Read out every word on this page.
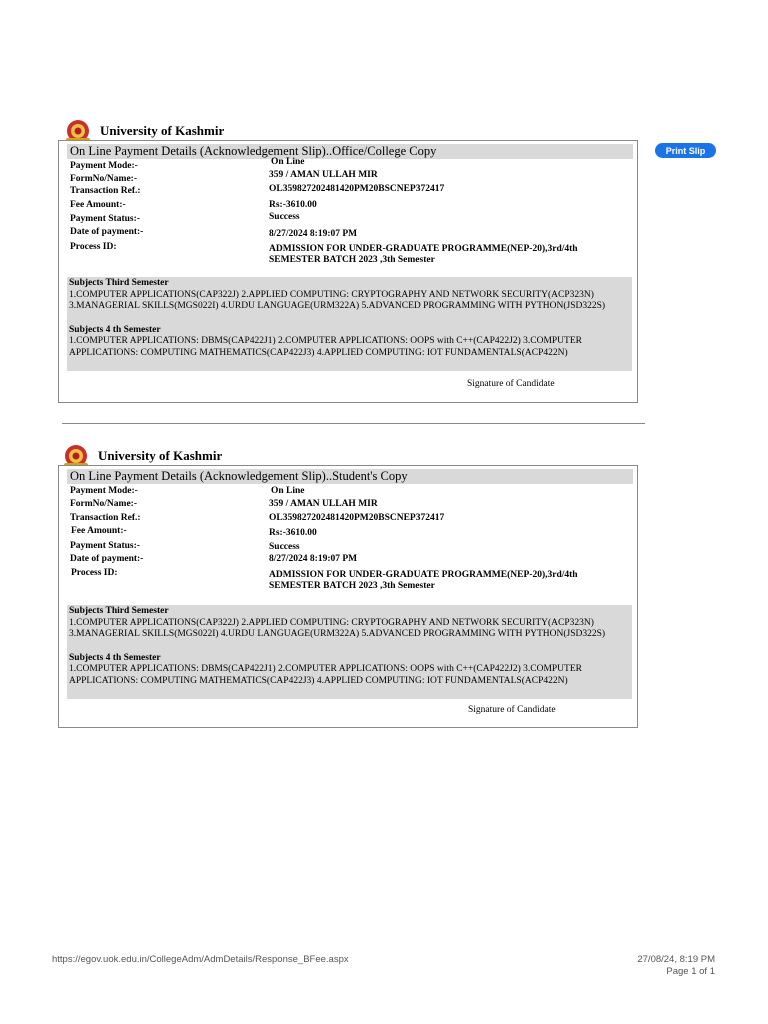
Print Slip
University of Kashmir
On Line Payment Details (Acknowledgement Slip)..Office/College Copy
Payment Mode:-	On Line
FormNo/Name:-	359 / AMAN ULLAH MIR
Transaction Ref.:	OL359827202481420PM20BSCNEP372417
Fee Amount:-	Rs:-3610.00
Payment Status:-	Success
Date of payment:-	8/27/2024 8:19:07 PM
Process ID:	ADMISSION FOR UNDER-GRADUATE PROGRAMME(NEP-20),3rd/4th SEMESTER BATCH 2023 ,3th Semester
Subjects Third Semester
1.COMPUTER APPLICATIONS(CAP322J) 2.APPLIED COMPUTING: CRYPTOGRAPHY AND NETWORK SECURITY(ACP323N) 3.MANAGERIAL SKILLS(MGS022I) 4.URDU LANGUAGE(URM322A) 5.ADVANCED PROGRAMMING WITH PYTHON(JSD322S)
Subjects 4 th Semester
1.COMPUTER APPLICATIONS: DBMS(CAP422J1) 2.COMPUTER APPLICATIONS: OOPS with C++(CAP422J2) 3.COMPUTER APPLICATIONS: COMPUTING MATHEMATICS(CAP422J3) 4.APPLIED COMPUTING: IOT FUNDAMENTALS(ACP422N)
Signature of Candidate
University of Kashmir
On Line Payment Details (Acknowledgement Slip)..Student's Copy
Payment Mode:-	On Line
FormNo/Name:-	359 / AMAN ULLAH MIR
Transaction Ref.:	OL359827202481420PM20BSCNEP372417
Fee Amount:-	Rs:-3610.00
Payment Status:-	Success
Date of payment:-	8/27/2024 8:19:07 PM
Process ID:	ADMISSION FOR UNDER-GRADUATE PROGRAMME(NEP-20),3rd/4th SEMESTER BATCH 2023 ,3th Semester
Subjects Third Semester
1.COMPUTER APPLICATIONS(CAP322J) 2.APPLIED COMPUTING: CRYPTOGRAPHY AND NETWORK SECURITY(ACP323N) 3.MANAGERIAL SKILLS(MGS022I) 4.URDU LANGUAGE(URM322A) 5.ADVANCED PROGRAMMING WITH PYTHON(JSD322S)
Subjects 4 th Semester
1.COMPUTER APPLICATIONS: DBMS(CAP422J1) 2.COMPUTER APPLICATIONS: OOPS with C++(CAP422J2) 3.COMPUTER APPLICATIONS: COMPUTING MATHEMATICS(CAP422J3) 4.APPLIED COMPUTING: IOT FUNDAMENTALS(ACP422N)
Signature of Candidate
https://egov.uok.edu.in/CollegeAdm/AdmDetails/Response_BFee.aspx	27/08/24, 8:19 PM
Page 1 of 1
